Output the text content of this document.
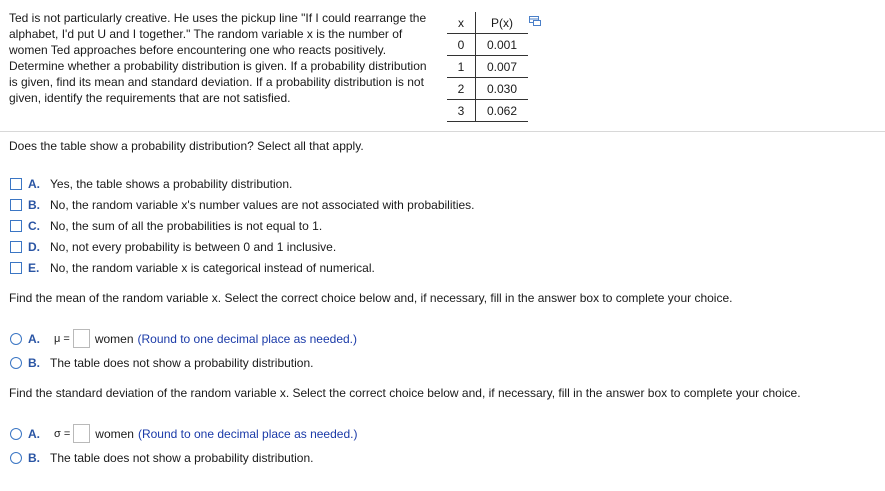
Ted is not particularly creative. He uses the pickup line "If I could rearrange the alphabet, I'd put U and I together." The random variable x is the number of women Ted approaches before encountering one who reacts positively. Determine whether a probability distribution is given. If a probability distribution is given, find its mean and standard deviation. If a probability distribution is not given, identify the requirements that are not satisfied.
x	P(x)
0	0.001
1	0.007
2	0.030
3	0.062
Does the table show a probability distribution? Select all that apply.
A. Yes, the table shows a probability distribution.
B. No, the random variable x's number values are not associated with probabilities.
C. No, the sum of all the probabilities is not equal to 1.
D. No, not every probability is between 0 and 1 inclusive.
E. No, the random variable x is categorical instead of numerical.
Find the mean of the random variable x. Select the correct choice below and, if necessary, fill in the answer box to complete your choice.
A.	μ = women (Round to one decimal place as needed.)
B. The table does not show a probability distribution.
Find the standard deviation of the random variable x. Select the correct choice below and, if necessary, fill in the answer box to complete your choice.
A.	σ = women (Round to one decimal place as needed.)
B. The table does not show a probability distribution.
